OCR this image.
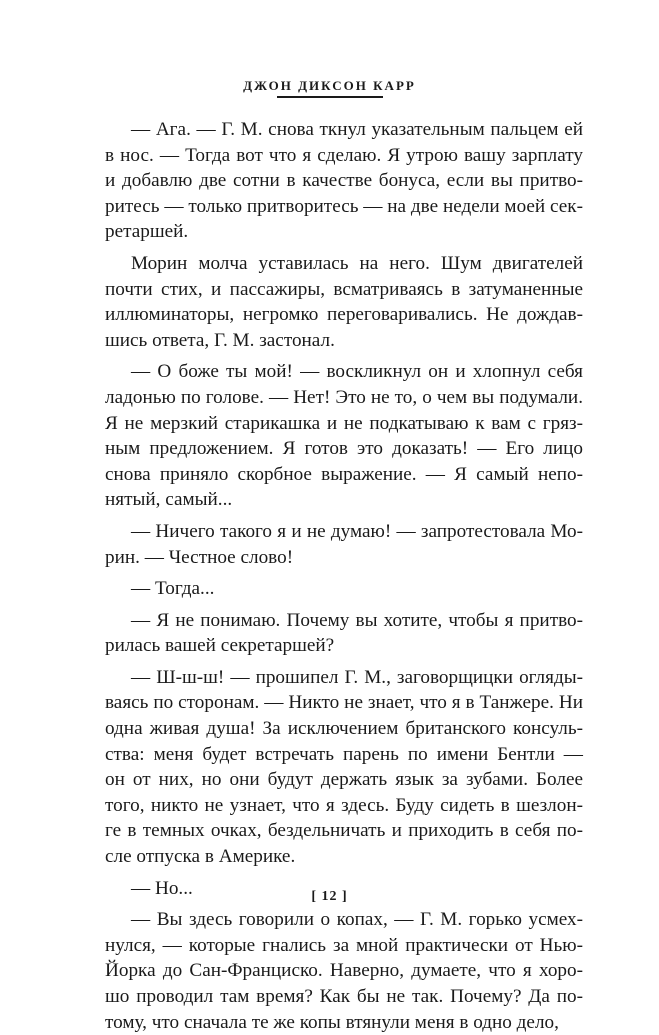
ДЖОН ДИКСОН КАРР
— Ага. — Г. М. снова ткнул указательным пальцем ей
в нос. — Тогда вот что я сделаю. Я утрою вашу зарплату
и добавлю две сотни в качестве бонуса, если вы притво-
ритесь — только притворитесь — на две недели моей сек-
ретаршей.
Морин молча уставилась на него. Шум двигателей
почти стих, и пассажиры, всматриваясь в затуманенные
иллюминаторы, негромко переговаривались. Не дождав-
шись ответа, Г. М. застонал.
— О боже ты мой! — воскликнул он и хлопнул себя
ладонью по голове. — Нет! Это не то, о чем вы подумали.
Я не мерзкий старикашка и не подкатываю к вам с гряз-
ным предложением. Я готов это доказать! — Его лицо
снова приняло скорбное выражение. — Я самый непо-
нятый, самый...
— Ничего такого я и не думаю! — запротестовала Мо-
рин. — Честное слово!
— Тогда...
— Я не понимаю. Почему вы хотите, чтобы я притво-
рилась вашей секретаршей?
— Ш-ш-ш! — прошипел Г. М., заговорщицки огляды-
ваясь по сторонам. — Никто не знает, что я в Танжере. Ни
одна живая душа! За исключением британского консуль-
ства: меня будет встречать парень по имени Бентли —
он от них, но они будут держать язык за зубами. Более
того, никто не узнает, что я здесь. Буду сидеть в шезлон-
ге в темных очках, бездельничать и приходить в себя по-
сле отпуска в Америке.
— Но...
— Вы здесь говорили о копах, — Г. М. горько усмех-
нулся, — которые гнались за мной практически от Нью-
Йорка до Сан-Франциско. Наверно, думаете, что я хоро-
шо проводил там время? Как бы не так. Почему? Да по-
тому, что сначала те же копы втянули меня в одно дело,
[ 12 ]
